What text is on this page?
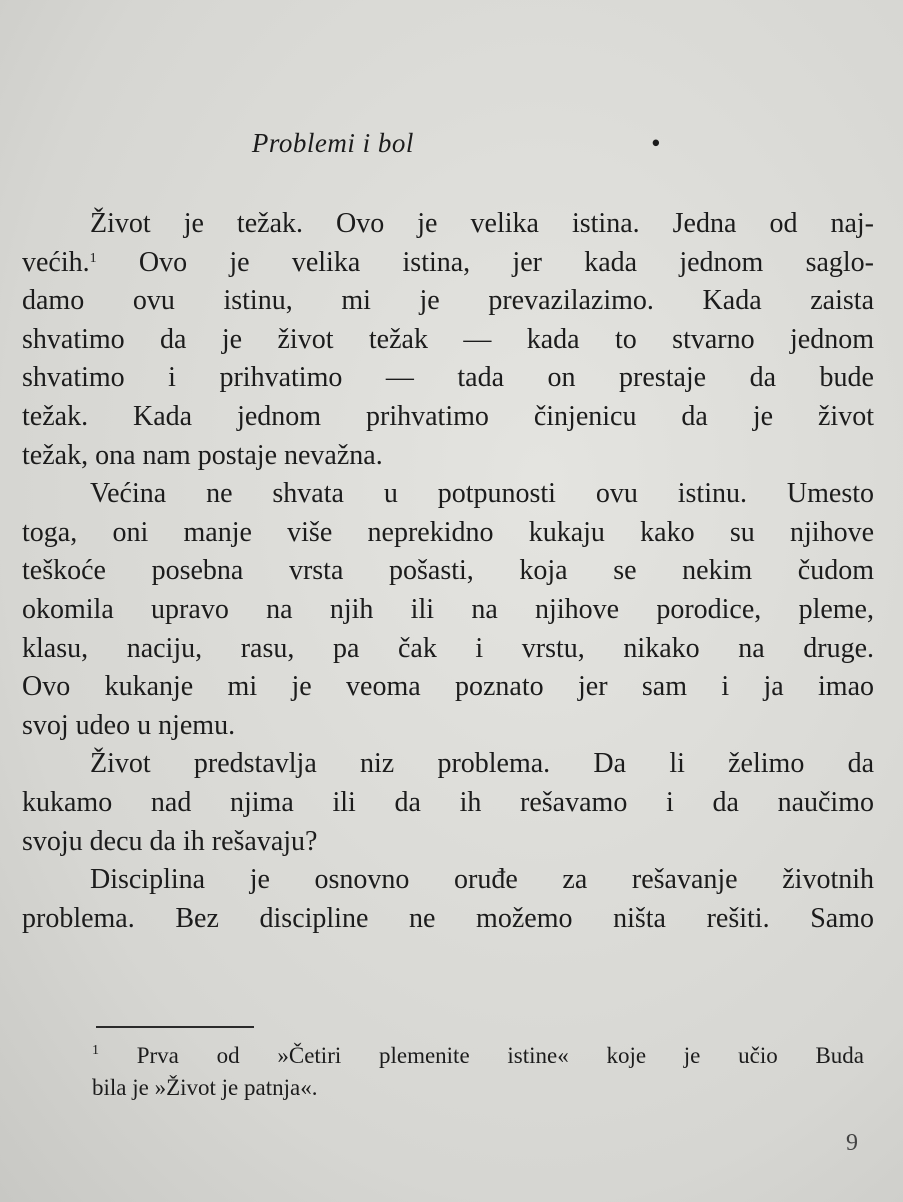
Problemi i bol	•
Život je težak. Ovo je velika istina. Jedna od naj-
većih.$^1$ Ovo je velika istina, jer kada jednom saglo-
damo ovu istinu, mi je prevazilazimo. Kada zaista
shvatimo da je život težak — kada to stvarno jednom
shvatimo i prihvatimo — tada on prestaje da bude
težak. Kada jednom prihvatimo činjenicu da je život
težak, ona nam postaje nevažna.
Većina ne shvata u potpunosti ovu istinu. Umesto
toga, oni manje više neprekidno kukaju kako su njihove
teškoće posebna vrsta pošasti, koja se nekim čudom
okomila upravo na njih ili na njihove porodice, pleme,
klasu, naciju, rasu, pa čak i vrstu, nikako na druge.
Ovo kukanje mi je veoma poznato jer sam i ja imao
svoj udeo u njemu.
Život predstavlja niz problema. Da li želimo da
kukamo nad njima ili da ih rešavamo i da naučimo
svoju decu da ih rešavaju?
Disciplina je osnovno oruđe za rešavanje životnih
problema. Bez discipline ne možemo ništa rešiti. Samo
$^1$ Prva od »Četiri plemenite istine« koje je učio Buda
bila je »Život je patnja«.
9
